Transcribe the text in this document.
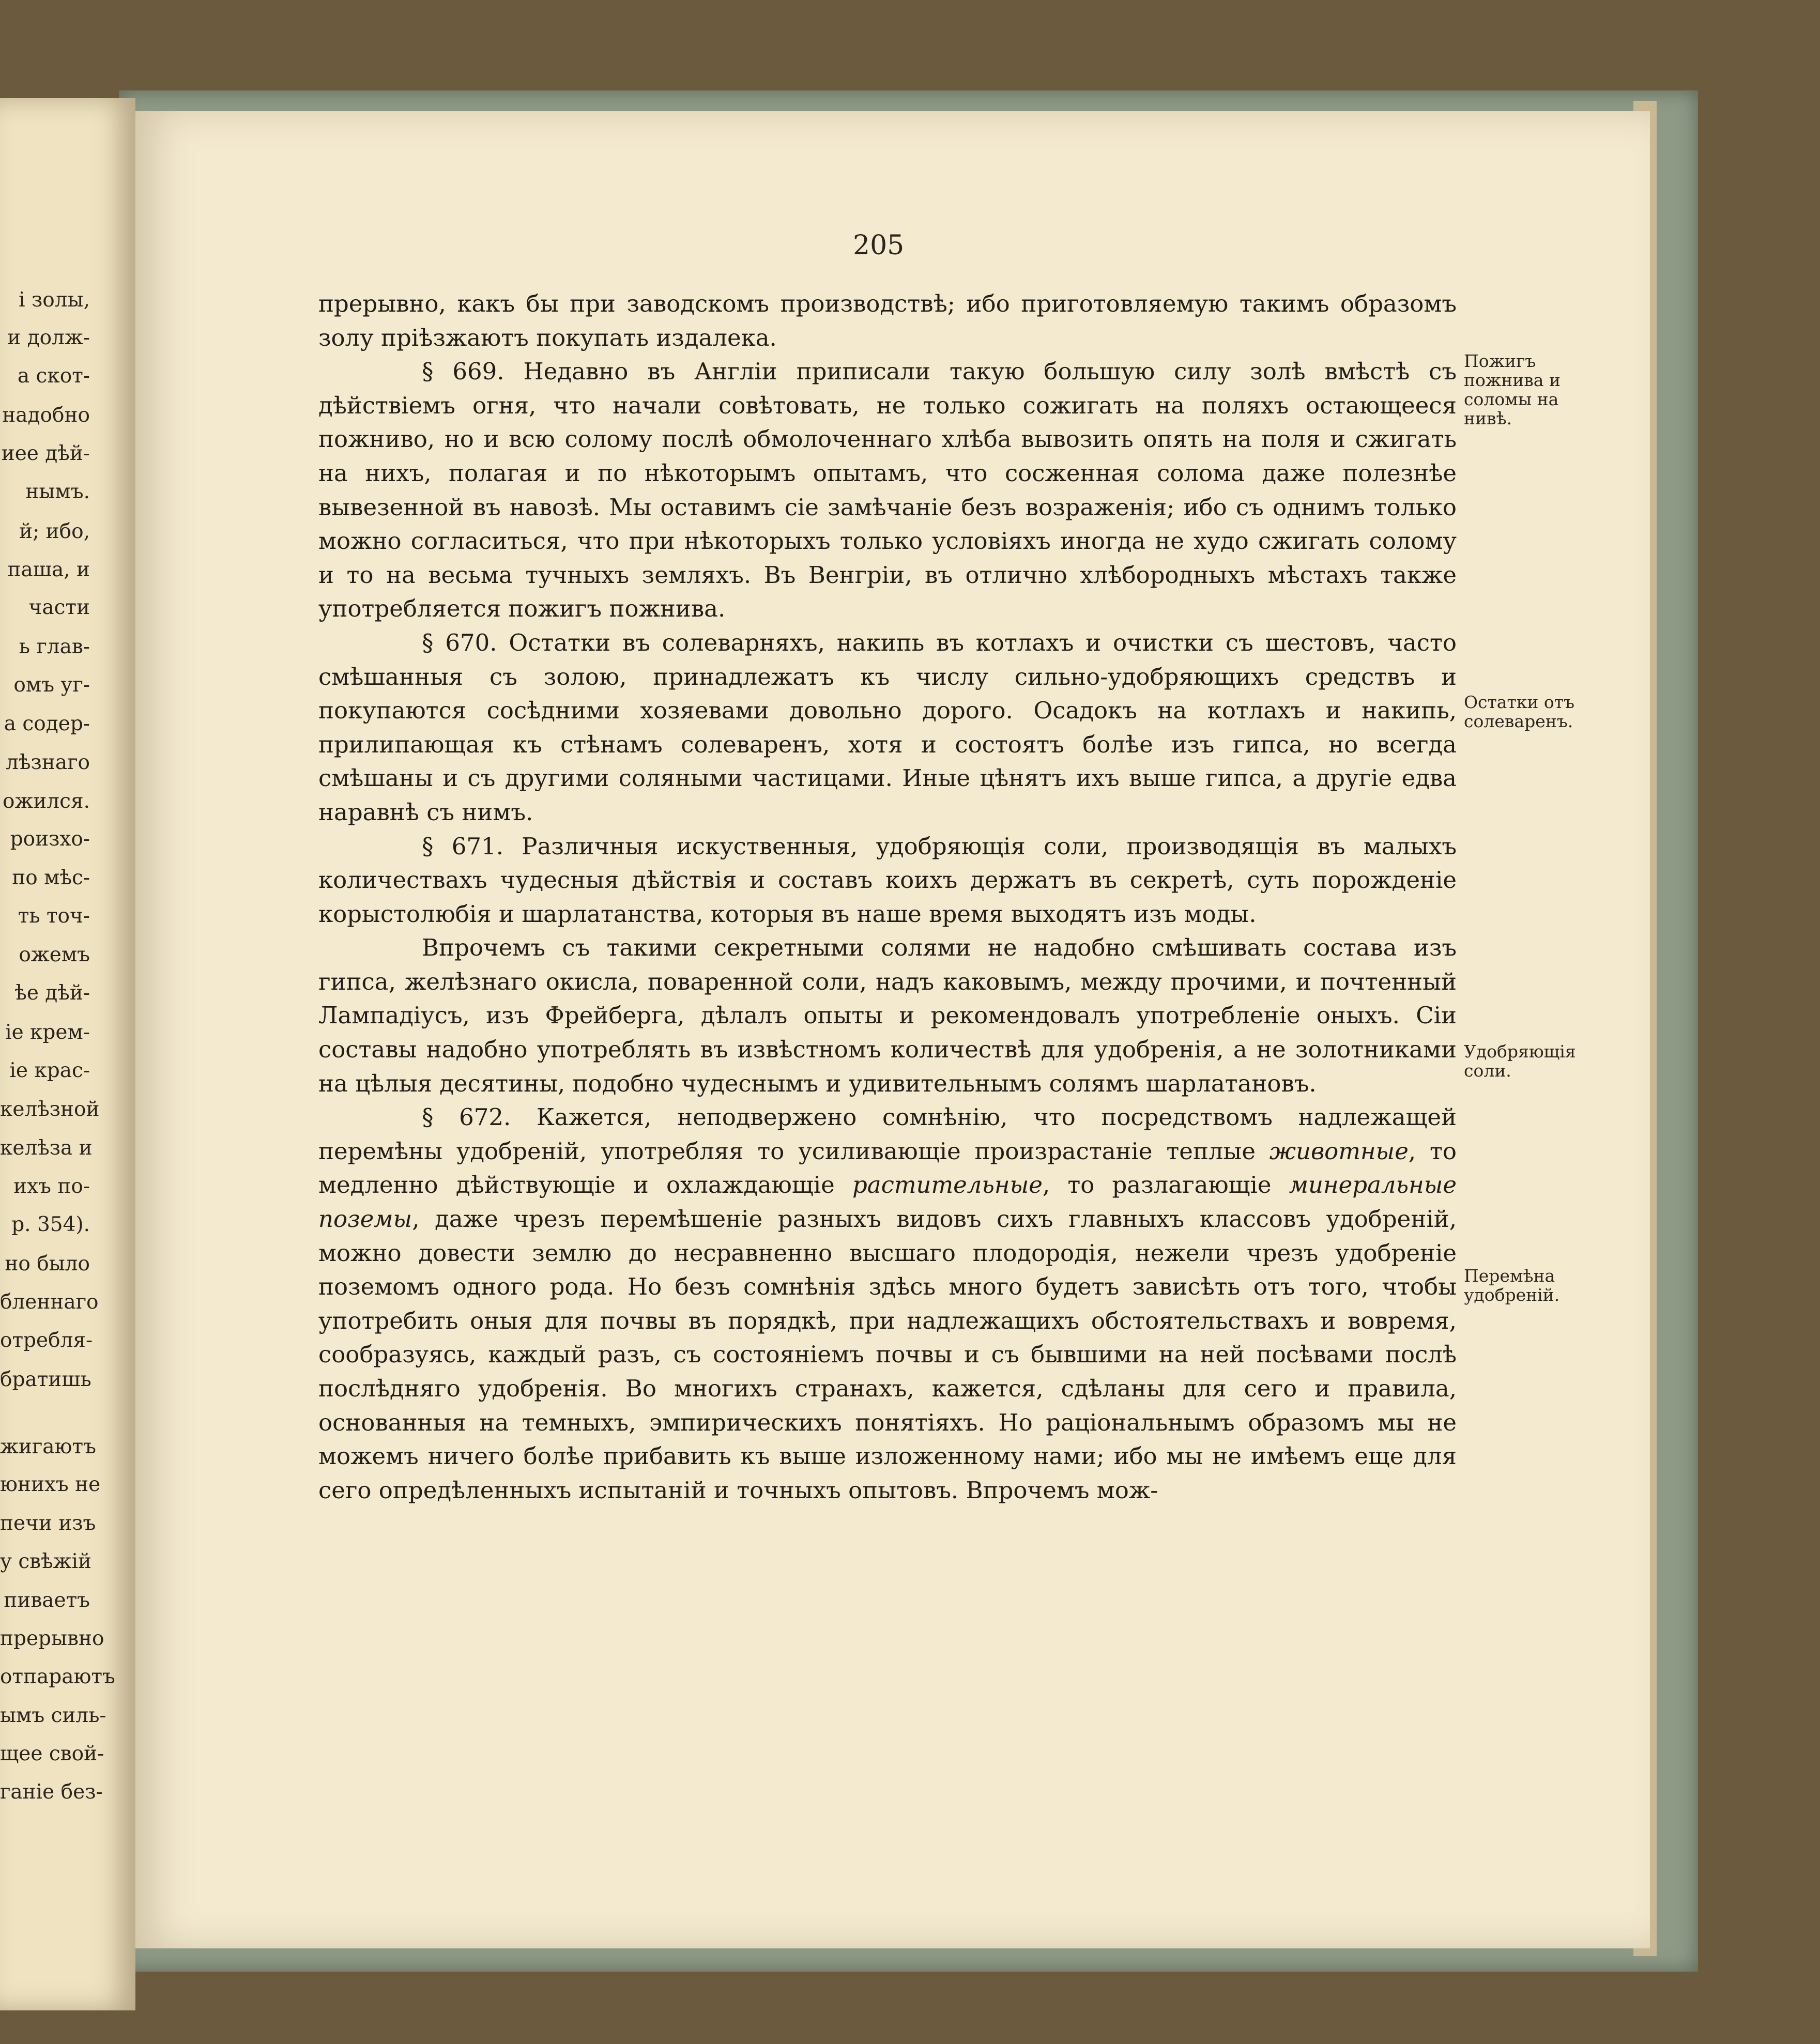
і золы,
и долж-
а скот-
надобно
иее дѣй-
нымъ.
й; ибо,
паша, и
части
ь глав-
омъ уг-
а содер-
лѣзнаго
ожился.
роизхо-
по мѣс-
ть точ-
ожемъ
ѣе дѣй-
іе крем-
іе крас-
келѣзной
келѣза и
ихъ по-
р. 354).
но было
бленнаго
отребля-
братишь
жигаютъ
юнихъ не
печи изъ
у свѣжій
пиваетъ
прерывно
отпараютъ
ымъ силь-
щее свой-
ганіе без-
205

прерывно, какъ бы при заводскомъ производствѣ; ибо приготовляемую такимъ образомъ золу пріѣзжаютъ покупать издалека.

§ 669. Недавно въ Англіи приписали такую большую силу золѣ вмѣстѣ съ дѣйствіемъ огня, что начали совѣтовать, не только сожигать на поляхъ остающееся пожниво, но и всю солому послѣ обмолоченнаго хлѣба вывозить опять на поля и сжигать на нихъ, полагая и по нѣкоторымъ опытамъ, что сосженная солома даже полезнѣе вывезенной въ навозѣ. Мы оставимъ сіе замѣчаніе безъ возраженія; ибо съ однимъ только можно согласиться, что при нѣкоторыхъ только условіяхъ иногда не худо сжигать солому и то на весьма тучныхъ земляхъ. Въ Венгріи, въ отлично хлѣбородныхъ мѣстахъ также употребляется пожигъ пожнива.

§ 670. Остатки въ солеварняхъ, накипь въ котлахъ и очистки съ шестовъ, часто смѣшанныя съ золою, принадлежатъ къ числу сильно-удобряющихъ средствъ и покупаются сосѣдними хозяевами довольно дорого. Осадокъ на котлахъ и накипь, прилипающая къ стѣнамъ солеваренъ, хотя и состоятъ болѣе изъ гипса, но всегда смѣшаны и съ другими соляными частицами. Иные цѣнятъ ихъ выше гипса, а другіе едва наравнѣ съ нимъ.

§ 671. Различныя искуственныя, удобряющія соли, производящія въ малыхъ количествахъ чудесныя дѣйствія и составъ коихъ держатъ въ секретѣ, суть порожденіе корыстолюбія и шарлатанства, которыя въ наше время выходятъ изъ моды.

Впрочемъ съ такими секретными солями не надобно смѣшивать состава изъ гипса, желѣзнаго окисла, поваренной соли, надъ каковымъ, между прочими, и почтенный Лампадіусъ, изъ Фрейберга, дѣлалъ опыты и рекомендовалъ употребленіе оныхъ. Сіи составы надобно употреблять въ извѣстномъ количествѣ для удобренія, а не золотниками на цѣлыя десятины, подобно чудеснымъ и удивительнымъ солямъ шарлатановъ.

§ 672. Кажется, неподвержено сомнѣнію, что посредствомъ надлежащей перемѣны удобреній, употребляя то усиливающіе произрастаніе теплые животные, то медленно дѣйствующіе и охлаждающіе растительные, то разлагающіе минеральные поземы, даже чрезъ перемѣшеніе разныхъ видовъ сихъ главныхъ классовъ удобреній, можно довести землю до несравненно высшаго плодородія, нежели чрезъ удобреніе поземомъ одного рода. Но безъ сомнѣнія здѣсь много будетъ зависѣть отъ того, чтобы употребить оныя для почвы въ порядкѣ, при надлежащихъ обстоятельствахъ и вовремя, сообразуясь, каждый разъ, съ состояніемъ почвы и съ бывшими на ней посѣвами послѣ послѣдняго удобренія. Во многихъ странахъ, кажется, сдѣланы для сего и правила, основанныя на темныхъ, эмпирическихъ понятіяхъ. Но раціональнымъ образомъ мы не можемъ ничего болѣе прибавить къ выше изложенному нами; ибо мы не имѣемъ еще для сего опредѣленныхъ испытаній и точныхъ опытовъ. Впрочемъ мож-

Пожигъ пожнива и соломы на нивѣ.
Остатки отъ солеваренъ.
Удобряющія соли.
Перемѣна удобреній.
